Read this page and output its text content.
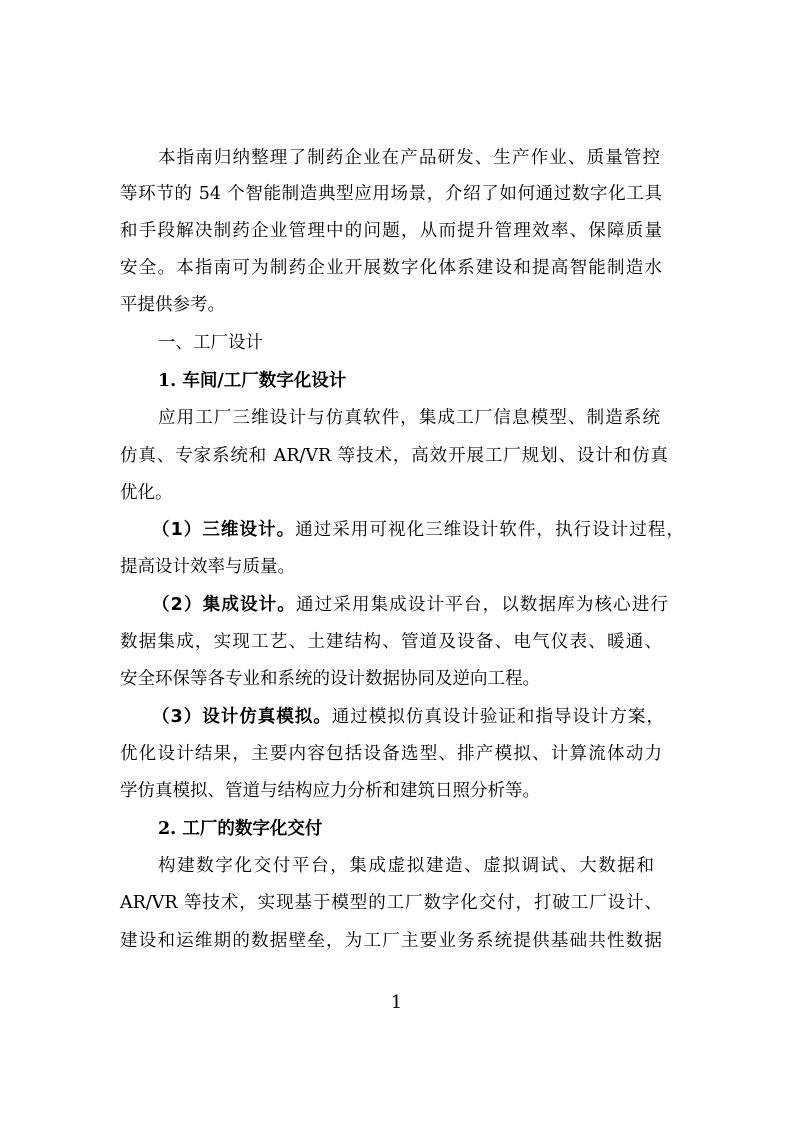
本指南归纳整理了制药企业在产品研发、生产作业、质量管控
等环节的 54 个智能制造典型应用场景，介绍了如何通过数字化工具
和手段解决制药企业管理中的问题，从而提升管理效率、保障质量
安全。本指南可为制药企业开展数字化体系建设和提高智能制造水
平提供参考。
一、工厂设计
1. 车间/工厂数字化设计
应用工厂三维设计与仿真软件，集成工厂信息模型、制造系统
仿真、专家系统和 AR/VR 等技术，高效开展工厂规划、设计和仿真
优化。
（1）三维设计。通过采用可视化三维设计软件，执行设计过程，
提高设计效率与质量。
（2）集成设计。通过采用集成设计平台，以数据库为核心进行
数据集成，实现工艺、土建结构、管道及设备、电气仪表、暖通、
安全环保等各专业和系统的设计数据协同及逆向工程。
（3）设计仿真模拟。通过模拟仿真设计验证和指导设计方案，
优化设计结果，主要内容包括设备选型、排产模拟、计算流体动力
学仿真模拟、管道与结构应力分析和建筑日照分析等。
2. 工厂的数字化交付
构建数字化交付平台，集成虚拟建造、虚拟调试、大数据和
AR/VR 等技术，实现基于模型的工厂数字化交付，打破工厂设计、
建设和运维期的数据壁垒，为工厂主要业务系统提供基础共性数据
1
